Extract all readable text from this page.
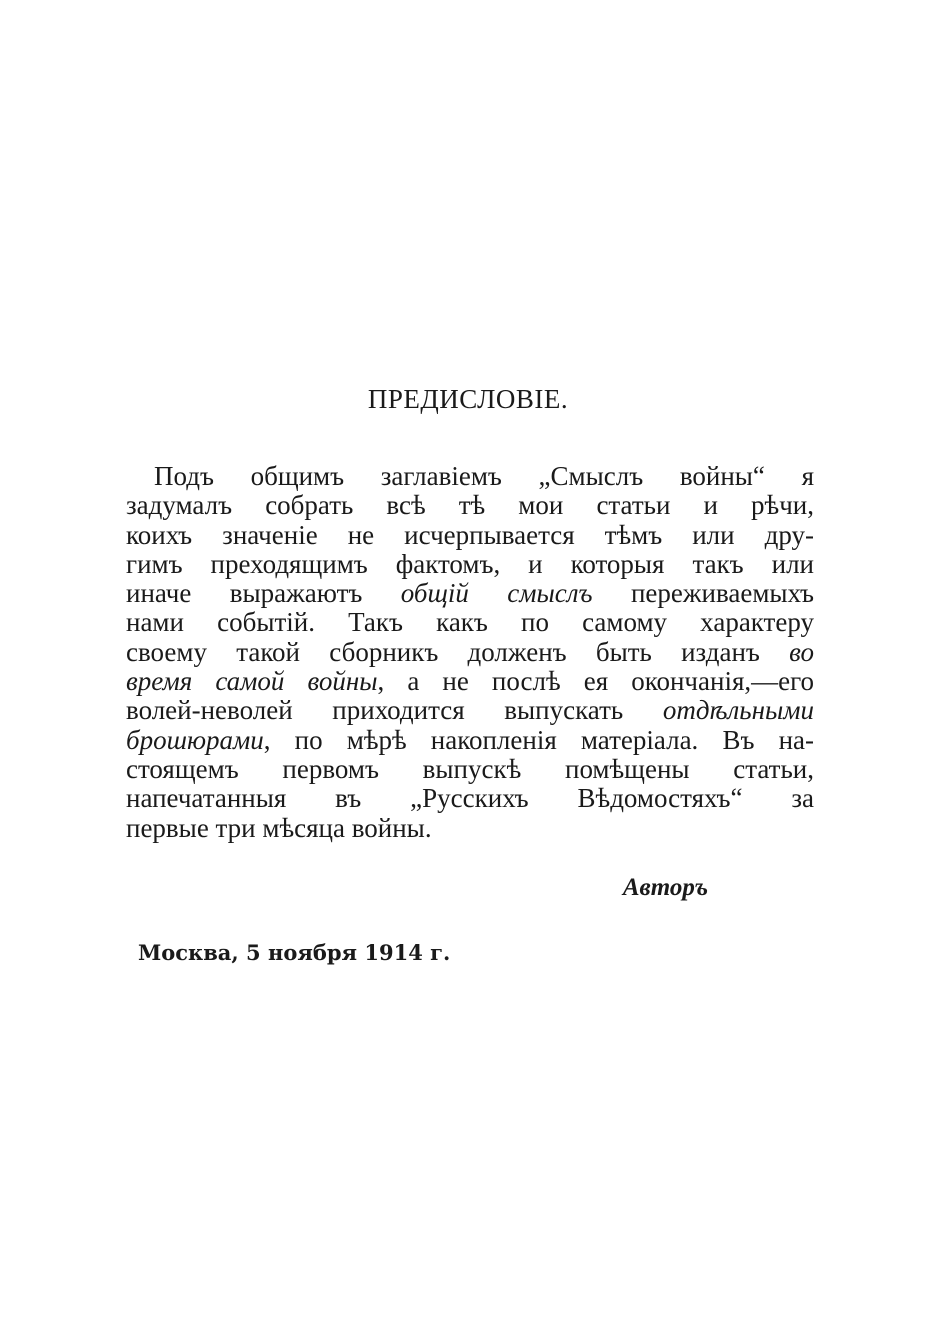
ПРЕДИСЛОВІЕ.
Подъ общимъ заглавіемъ „Смыслъ войны“ я
задумалъ собрать всѣ тѣ мои статьи и рѣчи,
коихъ значеніе не исчерпывается тѣмъ или дру-
гимъ преходящимъ фактомъ, и которыя такъ или
иначе выражаютъ общій смыслъ переживаемыхъ
нами событій. Такъ какъ по самому характеру
своему такой сборникъ долженъ быть изданъ во
время самой войны, а не послѣ ея окончанія,—его
волей-неволей приходится выпускать отдѣльными
брошюрами, по мѣрѣ накопленія матеріала. Въ на-
стоящемъ первомъ выпускѣ помѣщены статьи,
напечатанныя въ „Русскихъ Вѣдомостяхъ“ за
первые три мѣсяца войны.

Авторъ

Москва, 5 ноября 1914 г.
